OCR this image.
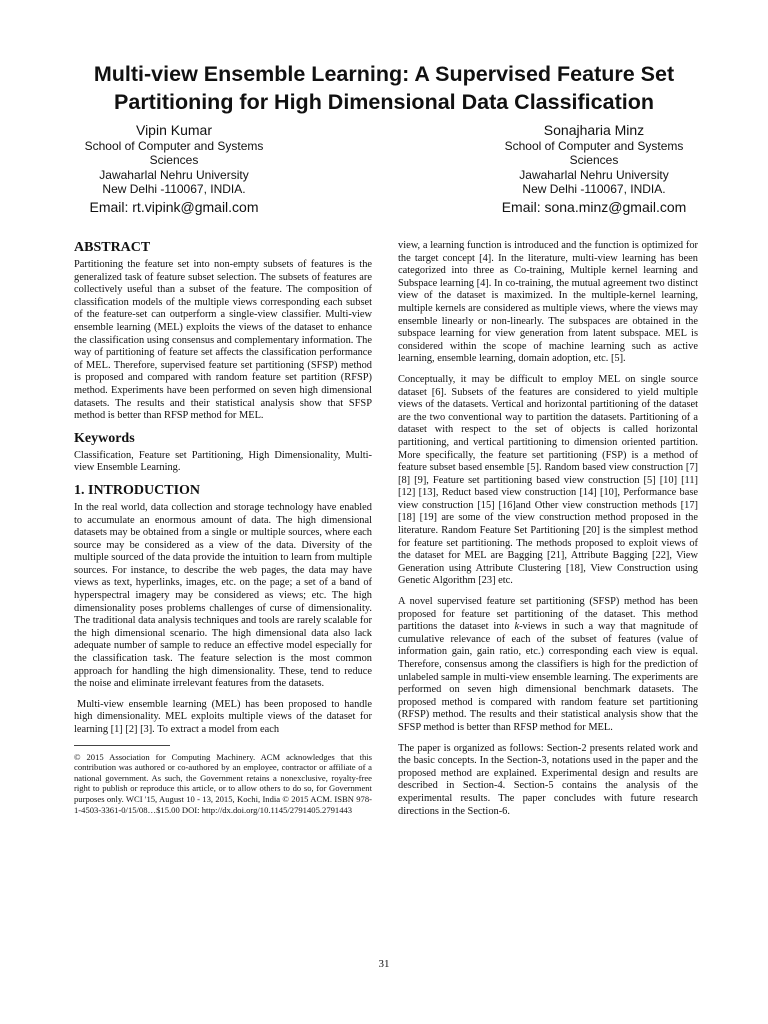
Multi-view Ensemble Learning: A Supervised Feature Set Partitioning for High Dimensional Data Classification
Vipin Kumar
School of Computer and Systems
Sciences
Jawaharlal Nehru University
New Delhi -110067, INDIA.
Email: rt.vipink@gmail.com
Sonajharia Minz
School of Computer and Systems
Sciences
Jawaharlal Nehru University
New Delhi -110067, INDIA.
Email: sona.minz@gmail.com
ABSTRACT

Partitioning the feature set into non-empty subsets of features is the generalized task of feature subset selection. The subsets of features are collectively useful than a subset of the feature. The composition of classification models of the multiple views corresponding each subset of the feature-set can outperform a single-view classifier. Multi-view ensemble learning (MEL) exploits the views of the dataset to enhance the classification using consensus and complementary information. The way of partitioning of feature set affects the classification performance of MEL. Therefore, supervised feature set partitioning (SFSP) method is proposed and compared with random feature set partition (RFSP) method. Experiments have been performed on seven high dimensional datasets. The results and their statistical analysis show that SFSP method is better than RFSP method for MEL.

Keywords

Classification, Feature set Partitioning, High Dimensionality, Multi-view Ensemble Learning.

1. INTRODUCTION

In the real world, data collection and storage technology have enabled to accumulate an enormous amount of data. The high dimensional datasets may be obtained from a single or multiple sources, where each source may be considered as a view of the data. Diversity of the multiple sourced of the data provide the intuition to learn from multiple sources. For instance, to describe the web pages, the data may have views as text, hyperlinks, images, etc. on the page; a set of a band of hyperspectral imagery may be considered as views; etc. The high dimensionality poses problems challenges of curse of dimensionality. The traditional data analysis techniques and tools are rarely scalable for the high dimensional scenario. The high dimensional data also lack adequate number of sample to reduce an effective model especially for the classification task. The feature selection is the most common approach for handling the high dimensionality. These, tend to reduce the noise and eliminate irrelevant features from the datasets.

Multi-view ensemble learning (MEL) has been proposed to handle high dimensionality. MEL exploits multiple views of the dataset for learning [1] [2] [3]. To extract a model from each

© 2015 Association for Computing Machinery. ACM acknowledges that this contribution was authored or co-authored by an employee, contractor or affiliate of a national government. As such, the Government retains a nonexclusive, royalty-free right to publish or reproduce this article, or to allow others to do so, for Government purposes only. WCI '15, August 10 - 13, 2015, Kochi, India © 2015 ACM. ISBN 978-1-4503-3361-0/15/08…$15.00 DOI: http://dx.doi.org/10.1145/2791405.2791443

view, a learning function is introduced and the function is optimized for the target concept [4]. In the literature, multi-view learning has been categorized into three as Co-training, Multiple kernel learning and Subspace learning [4]. In co-training, the mutual agreement two distinct view of the dataset is maximized. In the multiple-kernel learning, multiple kernels are considered as multiple views, where the views may ensemble linearly or non-linearly. The subspaces are obtained in the subspace learning for view generation from latent subspace. MEL is considered within the scope of machine learning such as active learning, ensemble learning, domain adoption, etc. [5].

Conceptually, it may be difficult to employ MEL on single source dataset [6]. Subsets of the features are considered to yield multiple views of the datasets. Vertical and horizontal partitioning of the dataset are the two conventional way to partition the datasets. Partitioning of a dataset with respect to the set of objects is called horizontal partitioning, and vertical partitioning to dimension oriented partition. More specifically, the feature set partitioning (FSP) is a method of feature subset based ensemble [5]. Random based view construction [7] [8] [9], Feature set partitioning based view construction [5] [10] [11] [12] [13], Reduct based view construction [14] [10], Performance base view construction [15] [16]and Other view construction methods [17] [18] [19] are some of the view construction method proposed in the literature. Random Feature Set Partitioning [20] is the simplest method for feature set partitioning. The methods proposed to exploit views of the dataset for MEL are Bagging [21], Attribute Bagging [22], View Generation using Attribute Clustering [18], View Construction using Genetic Algorithm [23] etc.

A novel supervised feature set partitioning (SFSP) method has been proposed for feature set partitioning of the dataset. This method partitions the dataset into k-views in such a way that magnitude of cumulative relevance of each of the subset of features (value of information gain, gain ratio, etc.) corresponding each view is equal. Therefore, consensus among the classifiers is high for the prediction of unlabeled sample in multi-view ensemble learning. The experiments are performed on seven high dimensional benchmark datasets. The proposed method is compared with random feature set partitioning (RFSP) method. The results and their statistical analysis show that the SFSP method is better than RFSP method for MEL.

The paper is organized as follows: Section-2 presents related work and the basic concepts. In the Section-3, notations used in the paper and the proposed method are explained. Experimental design and results are described in Section-4. Section-5 contains the analysis of the experimental results. The paper concludes with future research directions in the Section-6.

31
